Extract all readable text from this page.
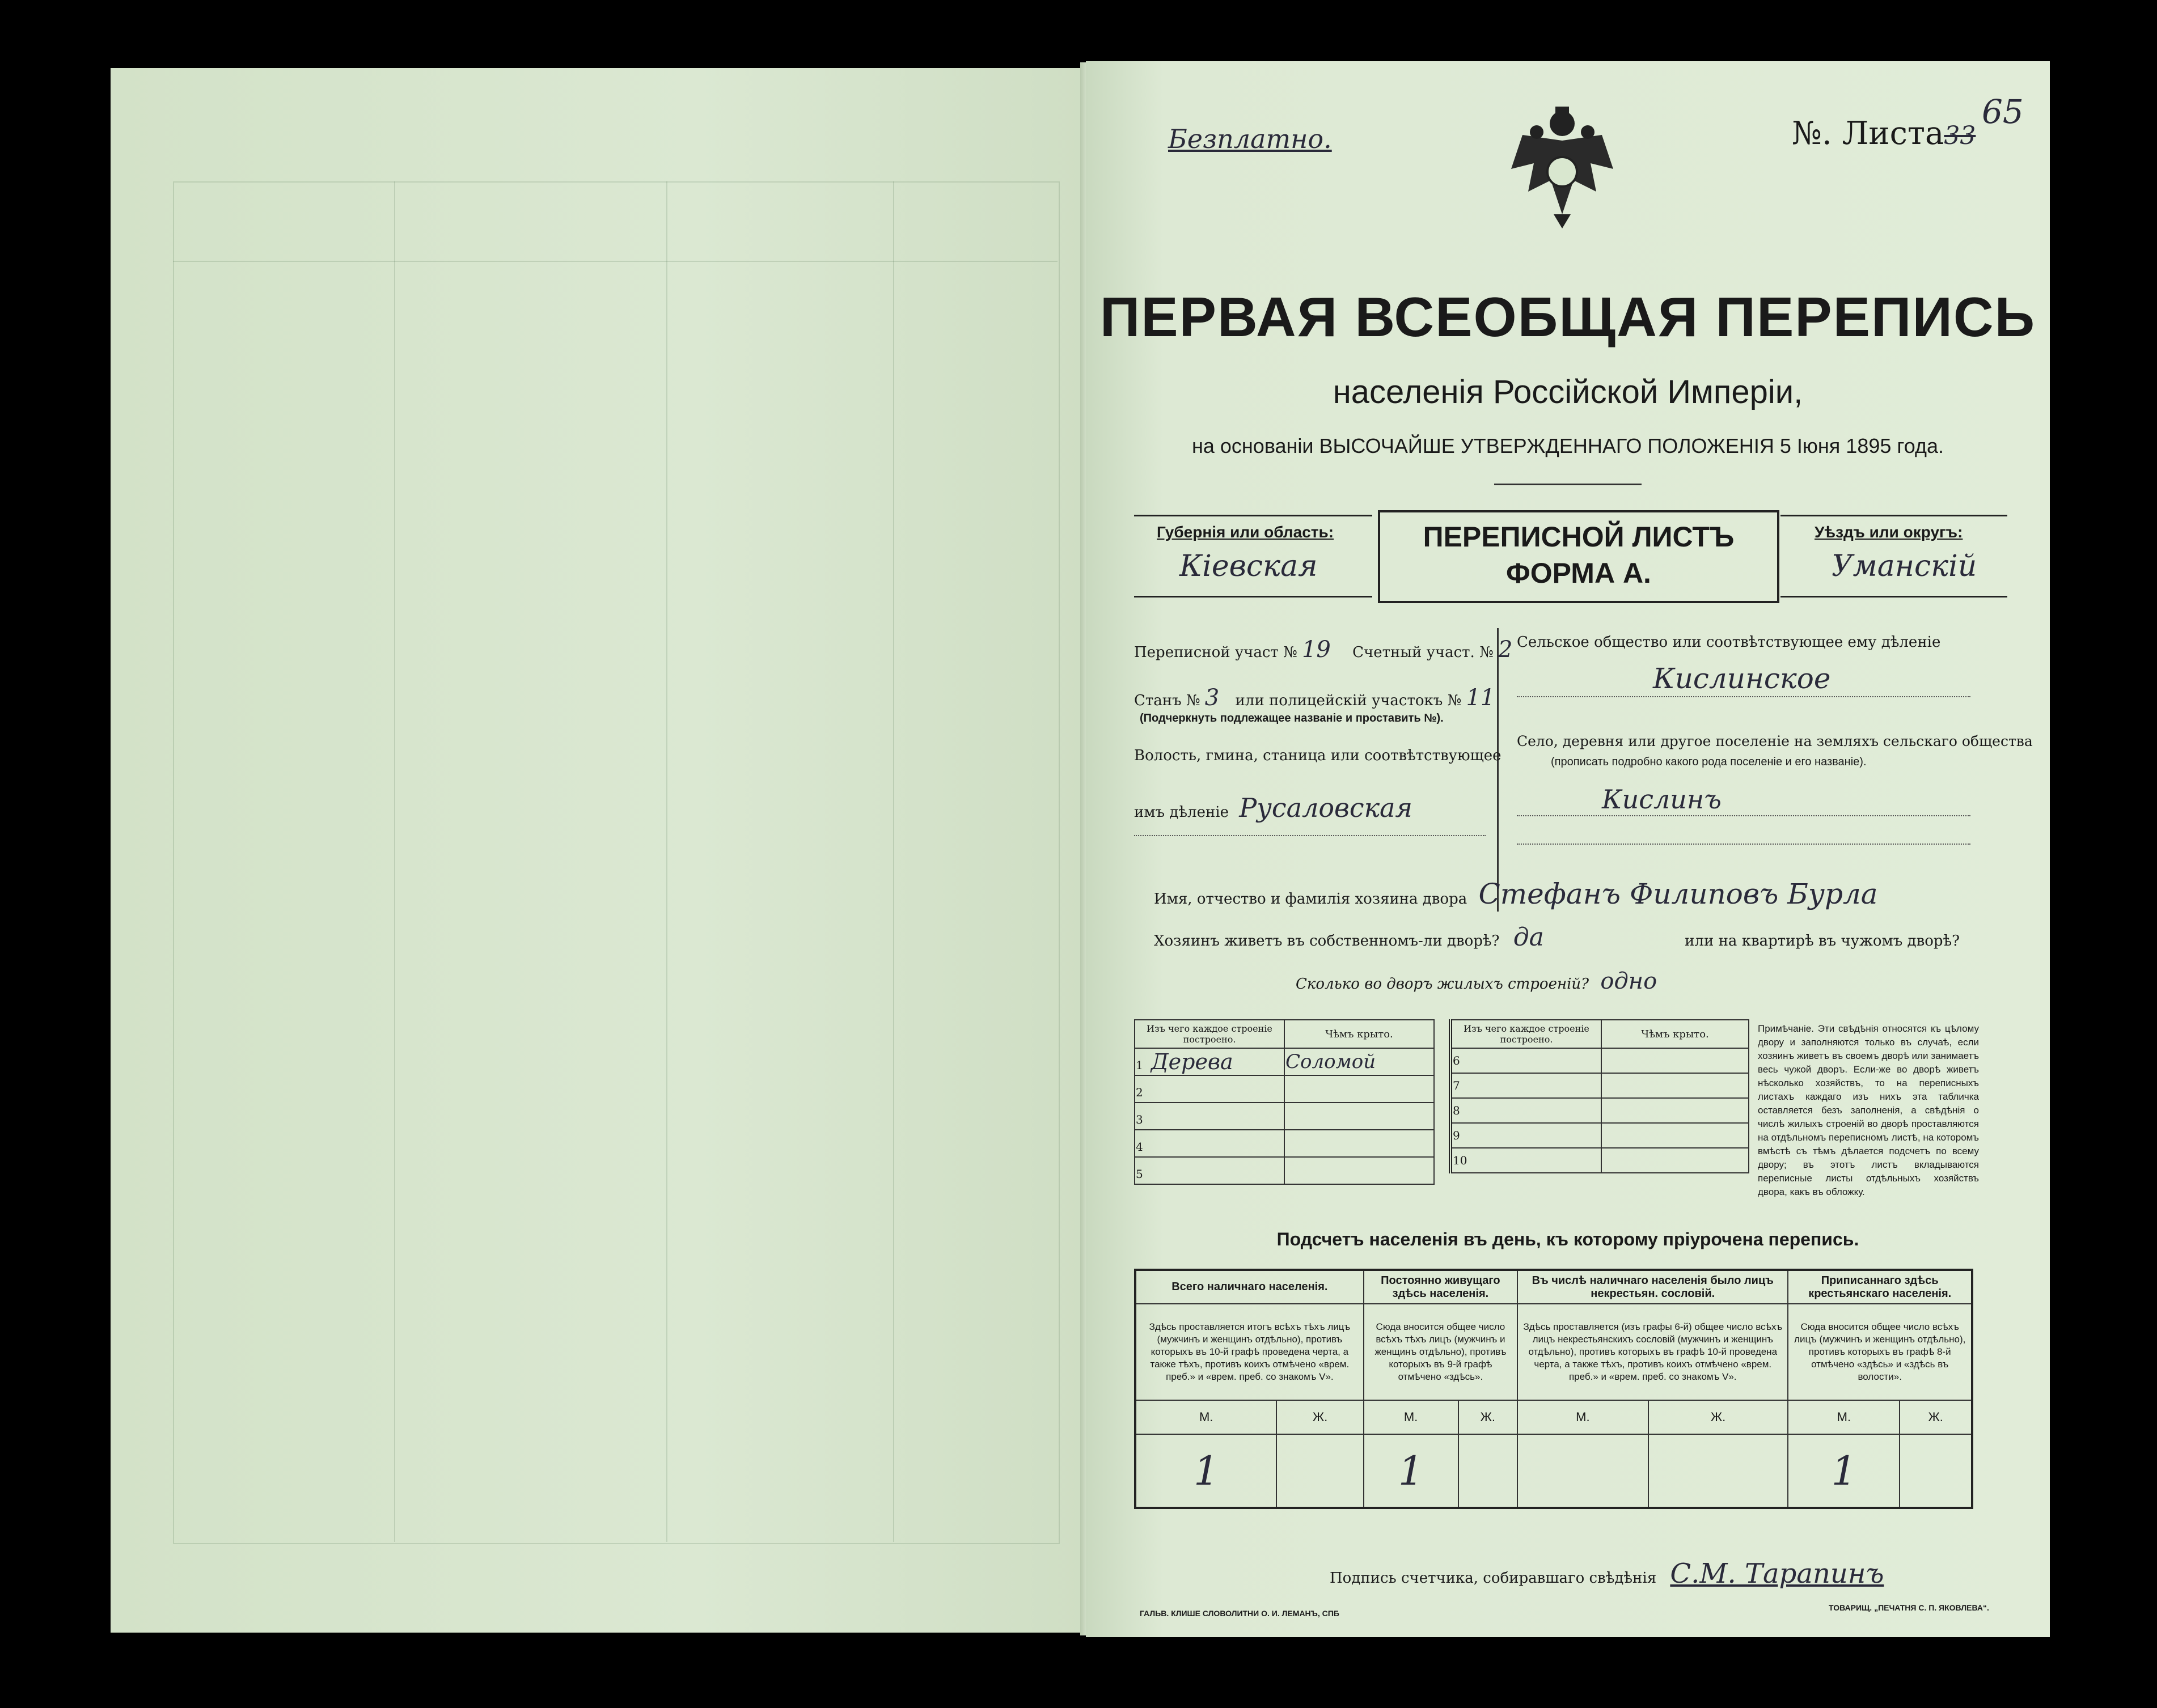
Безплатно.	№. Листа33
65
ПЕРВАЯ ВСЕОБЩАЯ ПЕРЕПИСЬ
населенія Россійской Имперіи,
на основаніи ВЫСОЧАЙШЕ УТВЕРЖДЕННАГО ПОЛОЖЕНІЯ 5 Іюня 1895 года.
Губернія или область:
Кіевская
ПЕРЕПИСНОЙ ЛИСТЪ
ФОРМА А.
Уѣздъ или округъ:
Уманскій
Переписной участ № 19 Счетный участ. № 2
Станъ № 3 или полицейскій участокъ № 11
(Подчеркнуть подлежащее названіе и проставить №).
Волость, гмина, станица или соотвѣтствующее
имъ дѣленіе Русаловская
Сельское общество или соотвѣтствующее ему дѣленіе
Кислинское
Село, деревня или другое поселеніе на земляхъ сельскаго общества
(прописать подробно какого рода поселеніе и его названіе).
Кислинъ
Имя, отчество и фамилія хозяина двора Стефанъ Филиповъ Бурла
Хозяинъ живетъ въ собственномъ-ли дворѣ? да	или на квартирѣ въ чужомъ дворѣ?
Сколько во дворъ жилыхъ строеній? одно
Изъ чего каждое строеніе построено.	Чѣмъ крыто.
1 Дерева	Соломой
2	
3	
4	
5	
Изъ чего каждое строеніе построено.	Чѣмъ крыто.
6	
7	
8	
9	
10	
Примѣчаніе. Эти свѣдѣнія относятся къ цѣлому двору и заполняются только въ случаѣ, если хозяинъ живетъ въ своемъ дворѣ или занимаетъ весь чужой дворъ. Если-же во дворѣ живетъ нѣсколько хозяйствъ, то на переписныхъ листахъ каждаго изъ нихъ эта табличка оставляется безъ заполненія, а свѣдѣнія о числѣ жилыхъ строеній во дворѣ проставляются на отдѣльномъ переписномъ листѣ, на которомъ вмѣстѣ съ тѣмъ дѣлается подсчетъ по всему двору; въ этотъ листъ вкладываются переписные листы отдѣльныхъ хозяйствъ двора, какъ въ обложку.
Подсчетъ населенія въ день, къ которому пріурочена перепись.
Всего наличнаго населенія.		Постоянно живущаго здѣсь населенія.		Въ числѣ наличнаго населенія было лицъ некрестьян. сословій.		Приписаннаго здѣсь крестьянскаго населенія.	
Здѣсь проставляется итогъ всѣхъ тѣхъ лицъ (мужчинъ и женщинъ отдѣльно), противъ которыхъ въ 10-й графѣ проведена черта, а также тѣхъ, противъ коихъ отмѣчено «врем. преб.» и «врем. преб. со знакомъ V».		Сюда вносится общее число всѣхъ тѣхъ лицъ (мужчинъ и женщинъ отдѣльно), противъ которыхъ въ 9-й графѣ отмѣчено «здѣсь».		Здѣсь проставляется (изъ графы 6-й) общее число всѣхъ лицъ некрестьянскихъ сословій (мужчинъ и женщинъ отдѣльно), противъ которыхъ въ графѣ 10-й проведена черта, а также тѣхъ, противъ коихъ отмѣчено «врем. преб.» и «врем. преб. со знакомъ V».		Сюда вносится общее число всѣхъ лицъ (мужчинъ и женщинъ отдѣльно), противъ которыхъ въ графѣ 8-й отмѣчено «здѣсь» и «здѣсь въ волости».	
М.	Ж.	М.	Ж.	М.	Ж.	М.	Ж.
1		1				1	
Подпись счетчика, собиравшаго свѣдѣнія С.М. Тарапинъ
ГАЛЬВ. КЛИШЕ СЛОВОЛИТНИ О. И. ЛЕМАНЪ, СПБ
ТОВАРИЩ. „ПЕЧАТНЯ С. П. ЯКОВЛЕВА“.
